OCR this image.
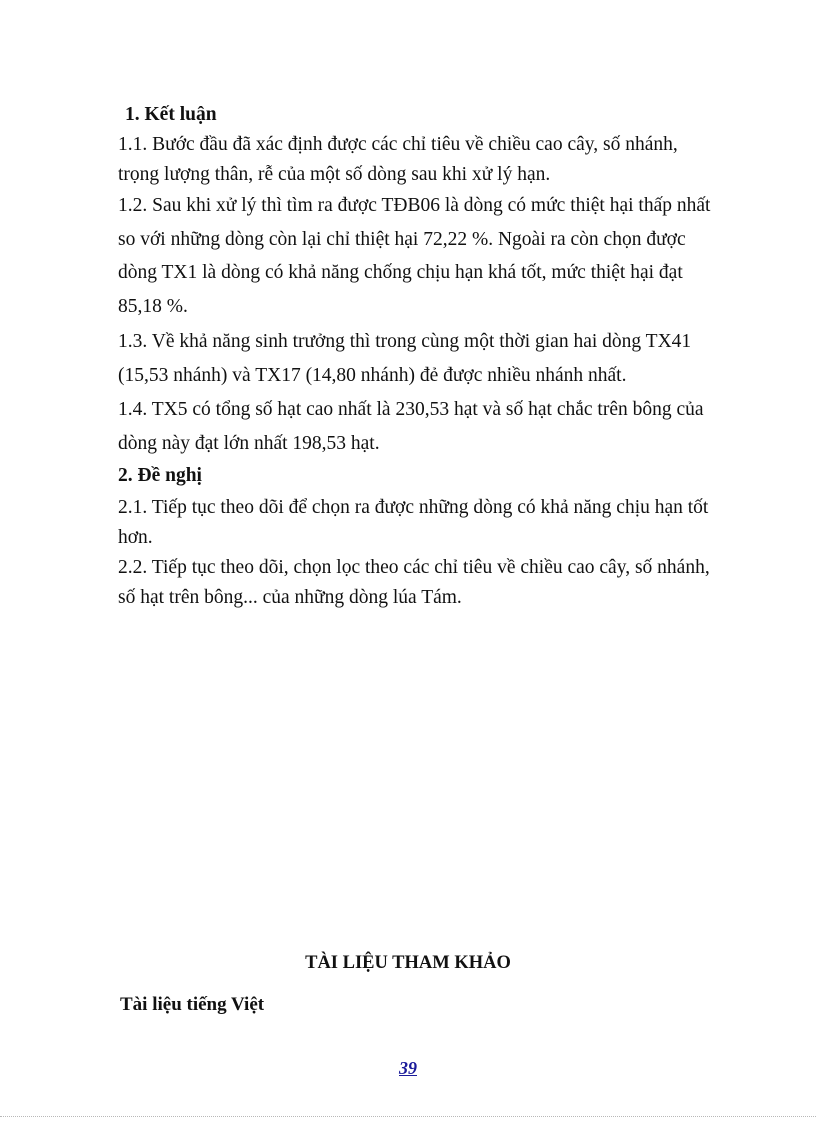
1. Kết luận
1.1. Bước đầu đã xác định được các chỉ tiêu về chiều cao cây, số nhánh,
trọng lượng thân, rễ của một số dòng sau khi xử lý hạn.
1.2. Sau khi xử lý thì tìm ra được TĐB06 là dòng có mức thiệt hại thấp nhất
so với những dòng còn lại chỉ thiệt hại 72,22 %. Ngoài ra còn chọn được
dòng TX1 là dòng có khả năng chống chịu hạn khá tốt, mức thiệt hại đạt
85,18 %.
1.3. Về khả năng sinh trưởng thì trong cùng một thời gian hai dòng TX41
(15,53 nhánh) và TX17 (14,80 nhánh) đẻ được nhiều nhánh nhất.
1.4. TX5 có tổng số hạt cao nhất là 230,53 hạt và số hạt chắc trên bông của
dòng này đạt lớn nhất 198,53 hạt.
2. Đề nghị
2.1. Tiếp tục theo dõi để chọn ra được những dòng có khả năng chịu hạn tốt
hơn.
2.2. Tiếp tục theo dõi, chọn lọc theo các chỉ tiêu về chiều cao cây, số nhánh,
số hạt trên bông... của những dòng lúa Tám.
TÀI LIỆU THAM KHẢO
Tài liệu tiếng Việt
39
